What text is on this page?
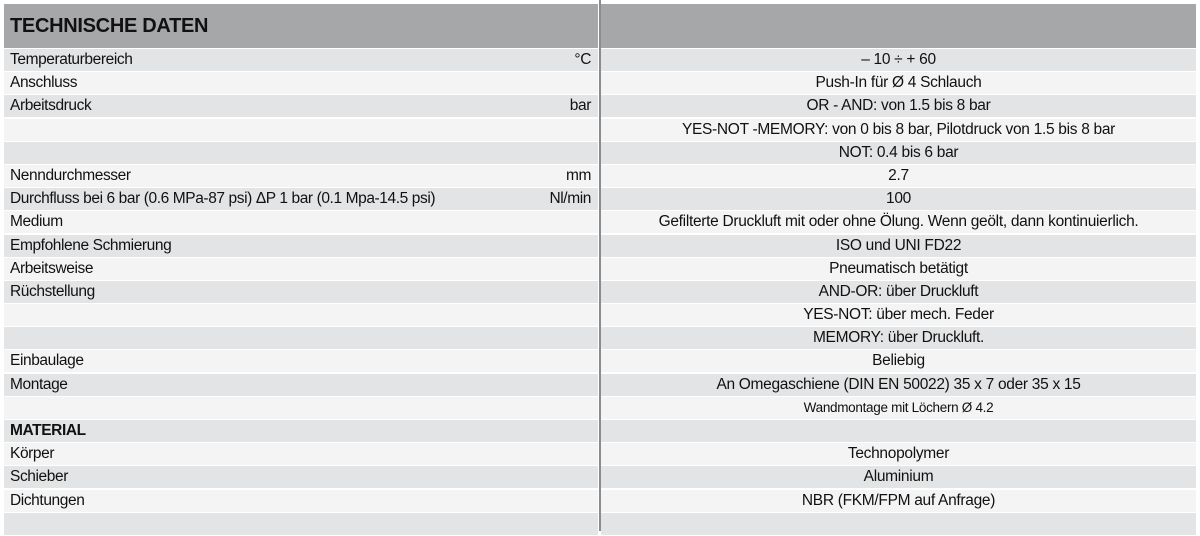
TECHNISCHE DATEN
Temperaturbereich	°C	– 10 ÷ + 60
Anschluss	Push-In für Ø 4 Schlauch
Arbeitsdruck	bar	OR - AND: von 1.5 bis 8 bar
YES-NOT -MEMORY: von 0 bis 8 bar, Pilotdruck von 1.5 bis 8 bar
NOT: 0.4 bis 6 bar
Nenndurchmesser	mm	2.7
Durchfluss bei 6 bar (0.6 MPa-87 psi) ΔP 1 bar (0.1 Mpa-14.5 psi)	Nl/min	100
Medium	Gefilterte Druckluft mit oder ohne Ölung. Wenn geölt, dann kontinuierlich.
Empfohlene Schmierung	ISO und UNI FD22
Arbeitsweise	Pneumatisch betätigt
Rüchstellung	AND-OR: über Druckluft
YES-NOT: über mech. Feder
MEMORY: über Druckluft.
Einbaulage	Beliebig
Montage	An Omegaschiene (DIN EN 50022) 35 x 7 oder 35 x 15
Wandmontage mit Löchern Ø 4.2
MATERIAL
Körper	Technopolymer
Schieber	Aluminium
Dichtungen	NBR (FKM/FPM auf Anfrage)
